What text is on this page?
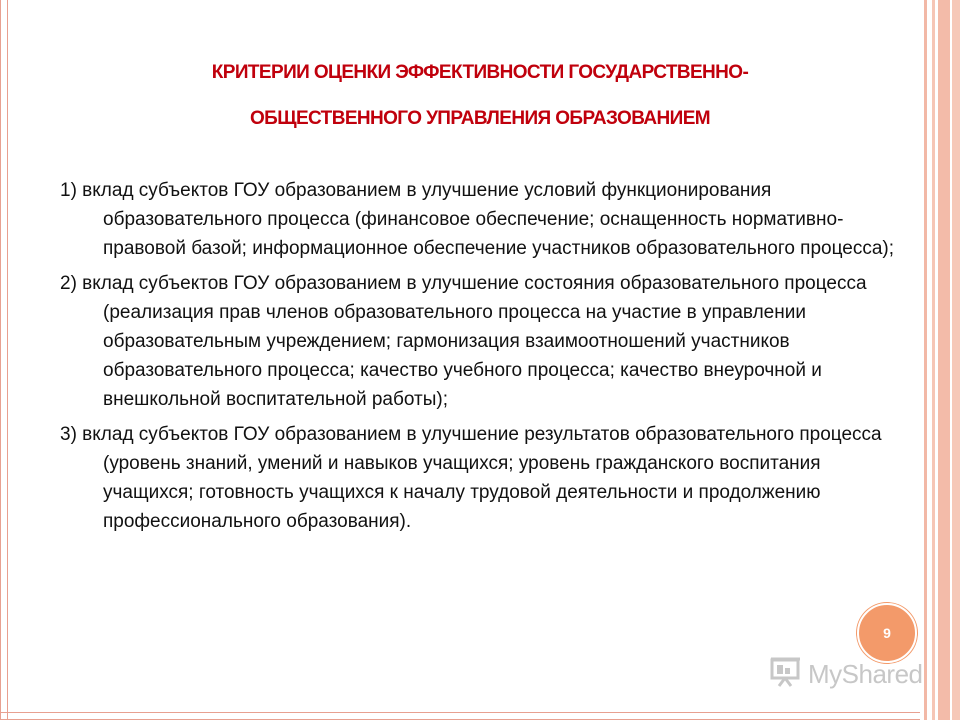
КРИТЕРИИ ОЦЕНКИ ЭФФЕКТИВНОСТИ ГОСУДАРСТВЕННО-
ОБЩЕСТВЕННОГО УПРАВЛЕНИЯ ОБРАЗОВАНИЕМ
1) вклад субъектов ГОУ образованием в улучшение условий функционирования образовательного процесса (финансовое обеспечение; оснащенность нормативно-правовой базой; информационное обеспечение участников образовательного процесса);
2) вклад субъектов ГОУ образованием в улучшение состояния образовательного процесса (реализация прав членов образовательного процесса на участие в управлении образовательным учреждением; гармонизация взаимоотношений участников образовательного процесса; качество учебного процесса; качество внеурочной и внешкольной воспитательной работы);
3) вклад субъектов ГОУ образованием в улучшение результатов образовательного процесса (уровень знаний, умений и навыков учащихся; уровень гражданского воспитания учащихся; готовность учащихся к началу трудовой деятельности и продолжению профессионального образования).
9
MyShared
